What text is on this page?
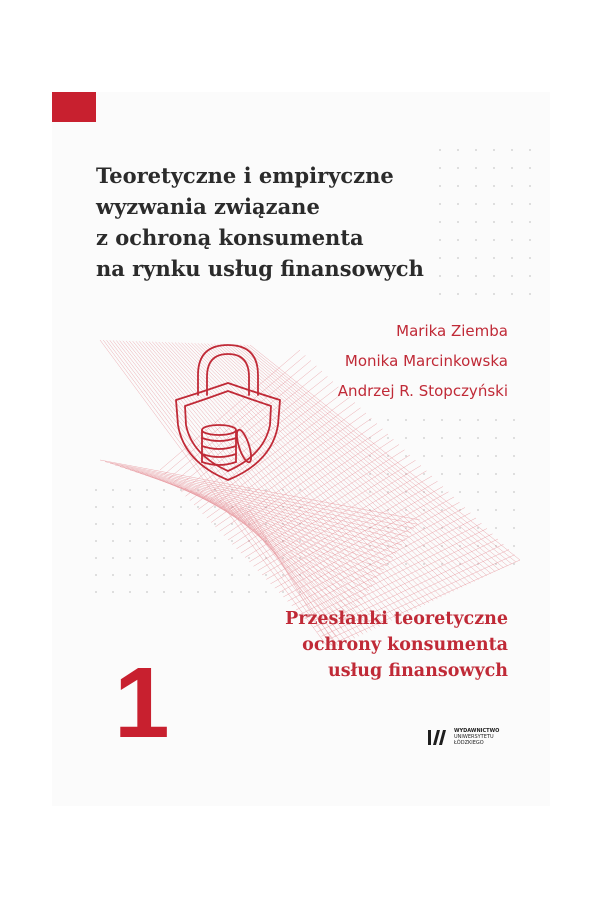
Teoretyczne i empiryczne
wyzwania związane
z ochroną konsumenta
na rynku usług finansowych
Marika Ziemba
Monika Marcinkowska
Andrzej R. Stopczyński
Przesłanki teoretyczne
ochrony konsumenta
usług finansowych
1	WYDAWNICTWO
UNIWERSYTETU
ŁÓDZKIEGO
